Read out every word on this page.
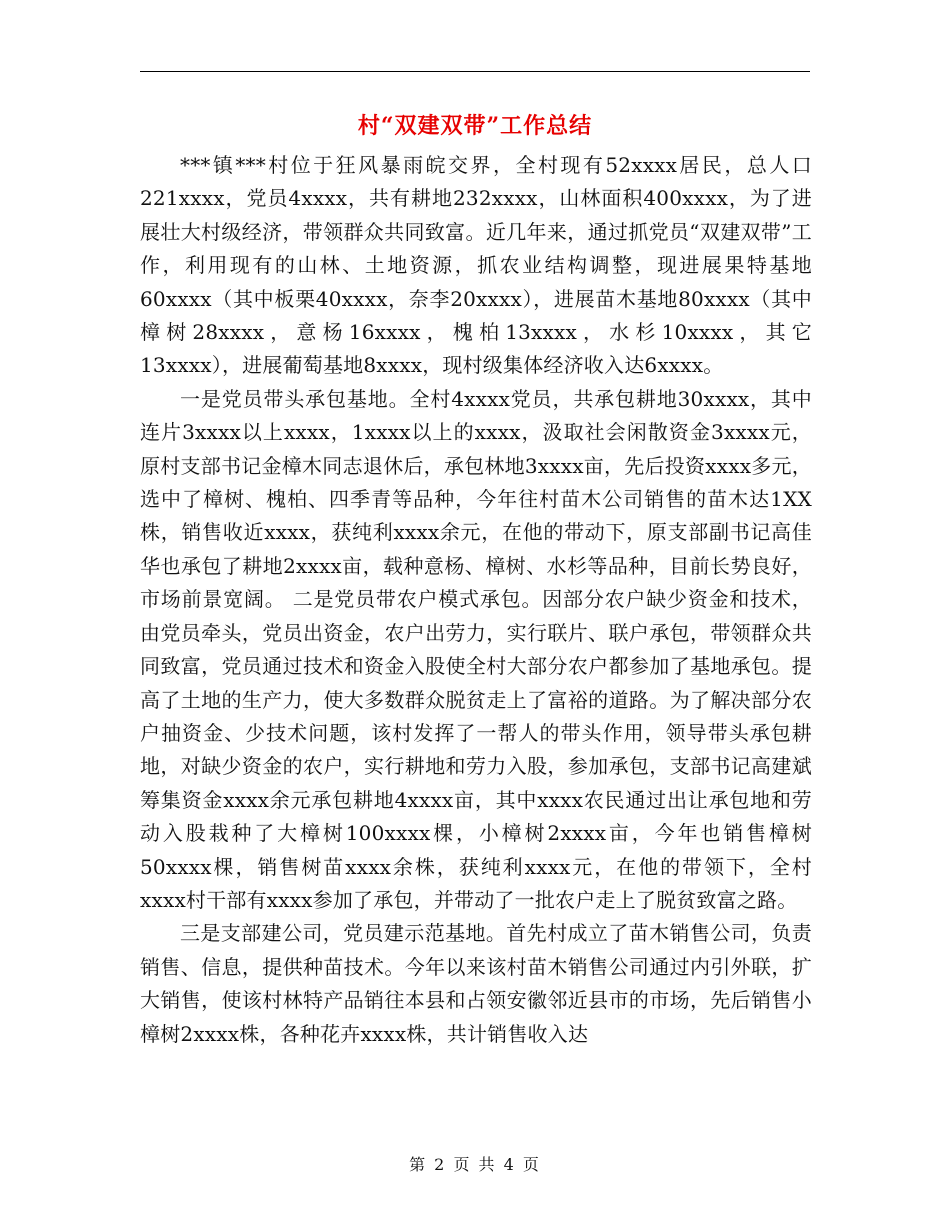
村“双建双带”工作总结

***镇***村位于狂风暴雨皖交界，全村现有52xxxx居民，总人口221xxxx，党员4xxxx，共有耕地232xxxx，山林面积400xxxx，为了进展壮大村级经济，带领群众共同致富。近几年来，通过抓党员“双建双带”工作，利用现有的山林、土地资源，抓农业结构调整，现进展果特基地60xxxx（其中板栗40xxxx，奈李20xxxx），进展苗木基地80xxxx（其中樟树28xxxx，意杨16xxxx，槐柏13xxxx，水杉10xxxx，其它13xxxx），进展葡萄基地8xxxx，现村级集体经济收入达6xxxx。

一是党员带头承包基地。全村4xxxx党员，共承包耕地30xxxx，其中连片3xxxx以上xxxx，1xxxx以上的xxxx，汲取社会闲散资金3xxxx元，原村支部书记金樟木同志退休后，承包林地3xxxx亩，先后投资xxxx多元，选中了樟树、槐柏、四季青等品种，今年往村苗木公司销售的苗木达1XX株，销售收近xxxx，获纯利xxxx余元，在他的带动下，原支部副书记高佳华也承包了耕地2xxxx亩，载种意杨、樟树、水杉等品种，目前长势良好，市场前景宽阔。 二是党员带农户模式承包。因部分农户缺少资金和技术，由党员牵头，党员出资金，农户出劳力，实行联片、联户承包，带领群众共同致富，党员通过技术和资金入股使全村大部分农户都参加了基地承包。提高了土地的生产力，使大多数群众脱贫走上了富裕的道路。为了解决部分农户抽资金、少技术问题，该村发挥了一帮人的带头作用，领导带头承包耕地，对缺少资金的农户，实行耕地和劳力入股，参加承包，支部书记高建斌筹集资金xxxx余元承包耕地4xxxx亩，其中xxxx农民通过出让承包地和劳动入股栽种了大樟树100xxxx棵，小樟树2xxxx亩，今年也销售樟树50xxxx棵，销售树苗xxxx余株，获纯利xxxx元，在他的带领下，全村xxxx村干部有xxxx参加了承包，并带动了一批农户走上了脱贫致富之路。

三是支部建公司，党员建示范基地。首先村成立了苗木销售公司，负责销售、信息，提供种苗技术。今年以来该村苗木销售公司通过内引外联，扩大销售，使该村林特产品销往本县和占领安徽邻近县市的市场，先后销售小樟树2xxxx株，各种花卉xxxx株，共计销售收入达

第 2 页 共 4 页
